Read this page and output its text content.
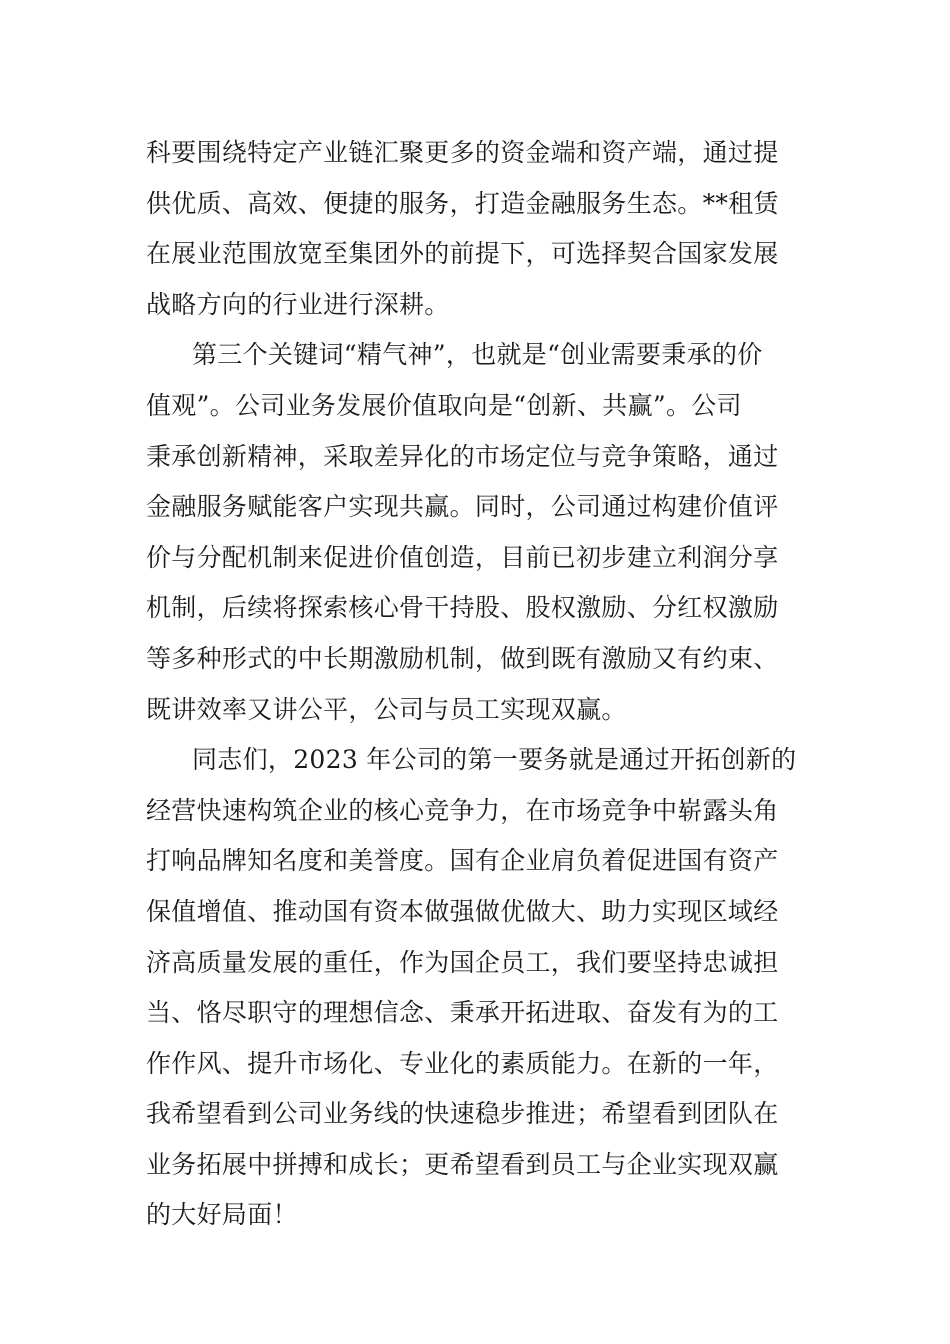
科要围绕特定产业链汇聚更多的资金端和资产端，通过提
供优质、高效、便捷的服务，打造金融服务生态。**租赁
在展业范围放宽至集团外的前提下，可选择契合国家发展
战略方向的行业进行深耕。
第三个关键词“精气神”，也就是“创业需要秉承的价
值观”。公司业务发展价值取向是“创新、共赢”。公司
秉承创新精神，采取差异化的市场定位与竞争策略，通过
金融服务赋能客户实现共赢。同时，公司通过构建价值评
价与分配机制来促进价值创造，目前已初步建立利润分享
机制，后续将探索核心骨干持股、股权激励、分红权激励
等多种形式的中长期激励机制，做到既有激励又有约束、
既讲效率又讲公平，公司与员工实现双赢。
同志们，2023 年公司的第一要务就是通过开拓创新的
经营快速构筑企业的核心竞争力，在市场竞争中崭露头角
打响品牌知名度和美誉度。国有企业肩负着促进国有资产
保值增值、推动国有资本做强做优做大、助力实现区域经
济高质量发展的重任，作为国企员工，我们要坚持忠诚担
当、恪尽职守的理想信念、秉承开拓进取、奋发有为的工
作作风、提升市场化、专业化的素质能力。在新的一年，
我希望看到公司业务线的快速稳步推进；希望看到团队在
业务拓展中拼搏和成长；更希望看到员工与企业实现双赢
的大好局面！
